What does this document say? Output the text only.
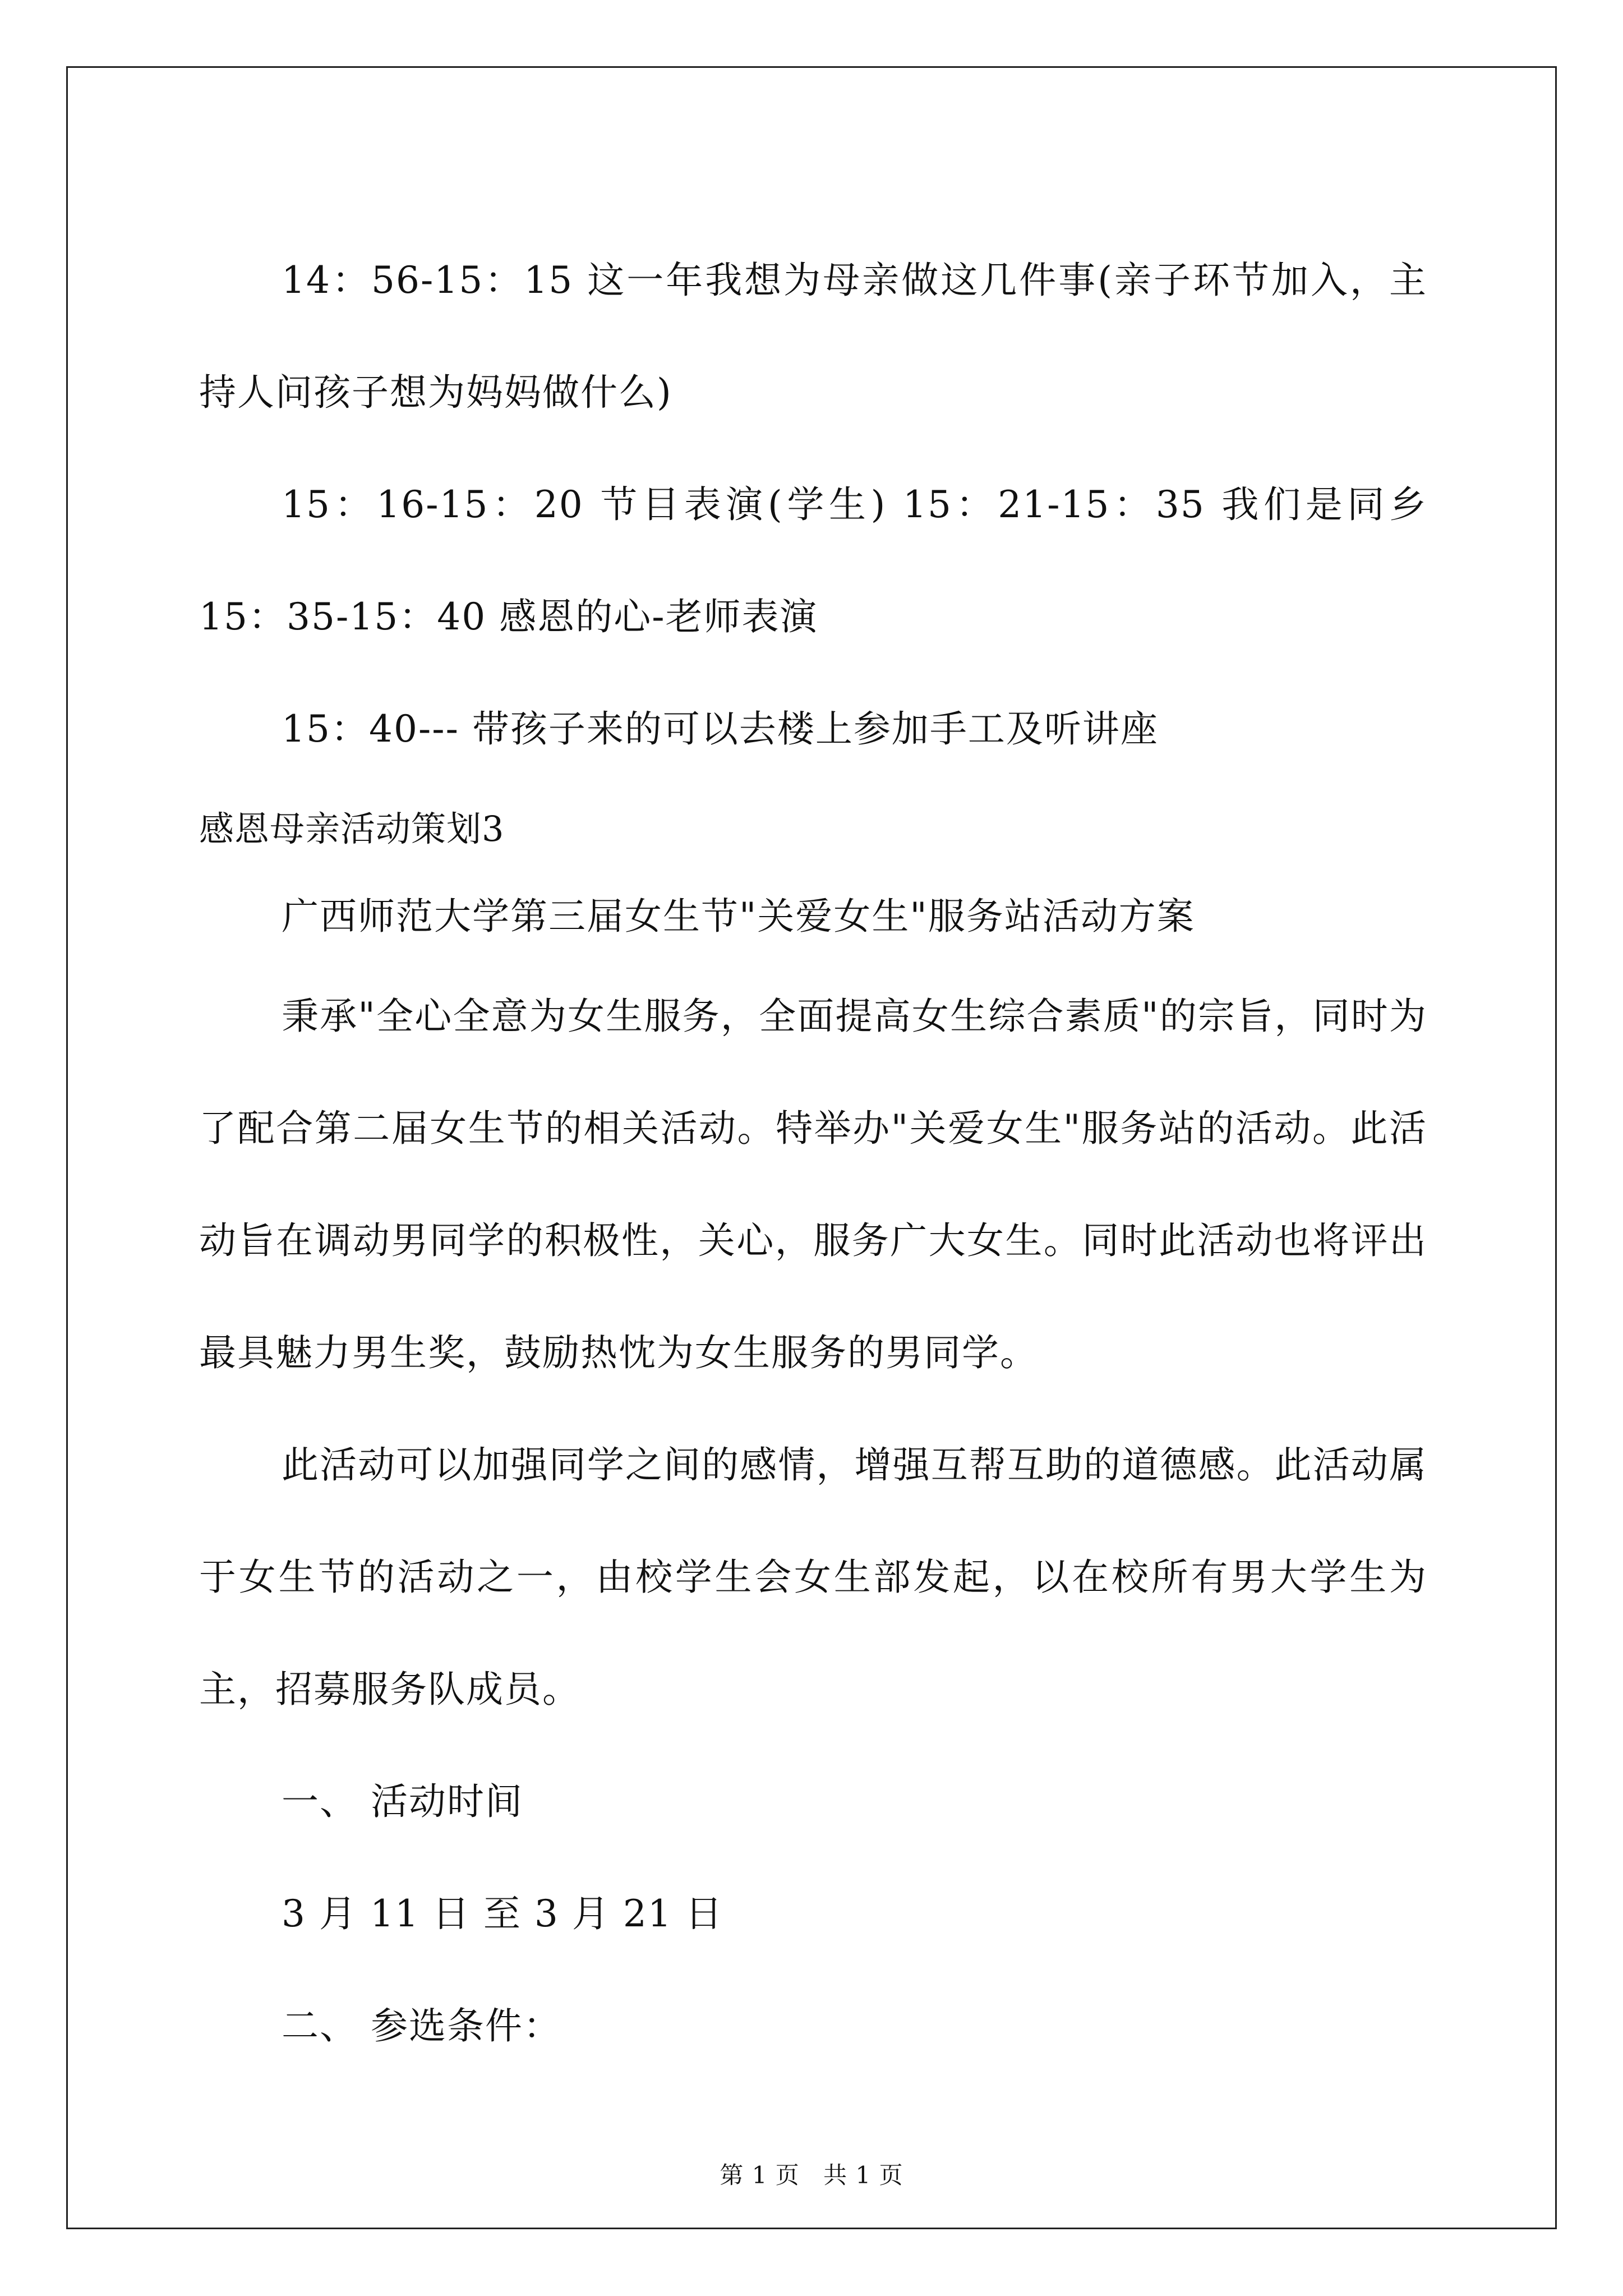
14：56-15：15 这一年我想为母亲做这几件事(亲子环节加入，主持人问孩子想为妈妈做什么)

15：16-15：20 节目表演(学生) 15：21-15：35 我们是同乡 15：35-15：40 感恩的心-老师表演

15：40--- 带孩子来的可以去楼上参加手工及听讲座

感恩母亲活动策划3

广西师范大学第三届女生节"关爱女生"服务站活动方案

秉承"全心全意为女生服务，全面提高女生综合素质"的宗旨，同时为了配合第二届女生节的相关活动。特举办"关爱女生"服务站的活动。此活动旨在调动男同学的积极性，关心，服务广大女生。同时此活动也将评出最具魅力男生奖，鼓励热忱为女生服务的男同学。

此活动可以加强同学之间的感情，增强互帮互助的道德感。此活动属于女生节的活动之一，由校学生会女生部发起，以在校所有男大学生为主，招募服务队成员。

一、 活动时间

3 月 11 日 至 3 月 21 日

二、 参选条件：

第 1 页 共 1 页
